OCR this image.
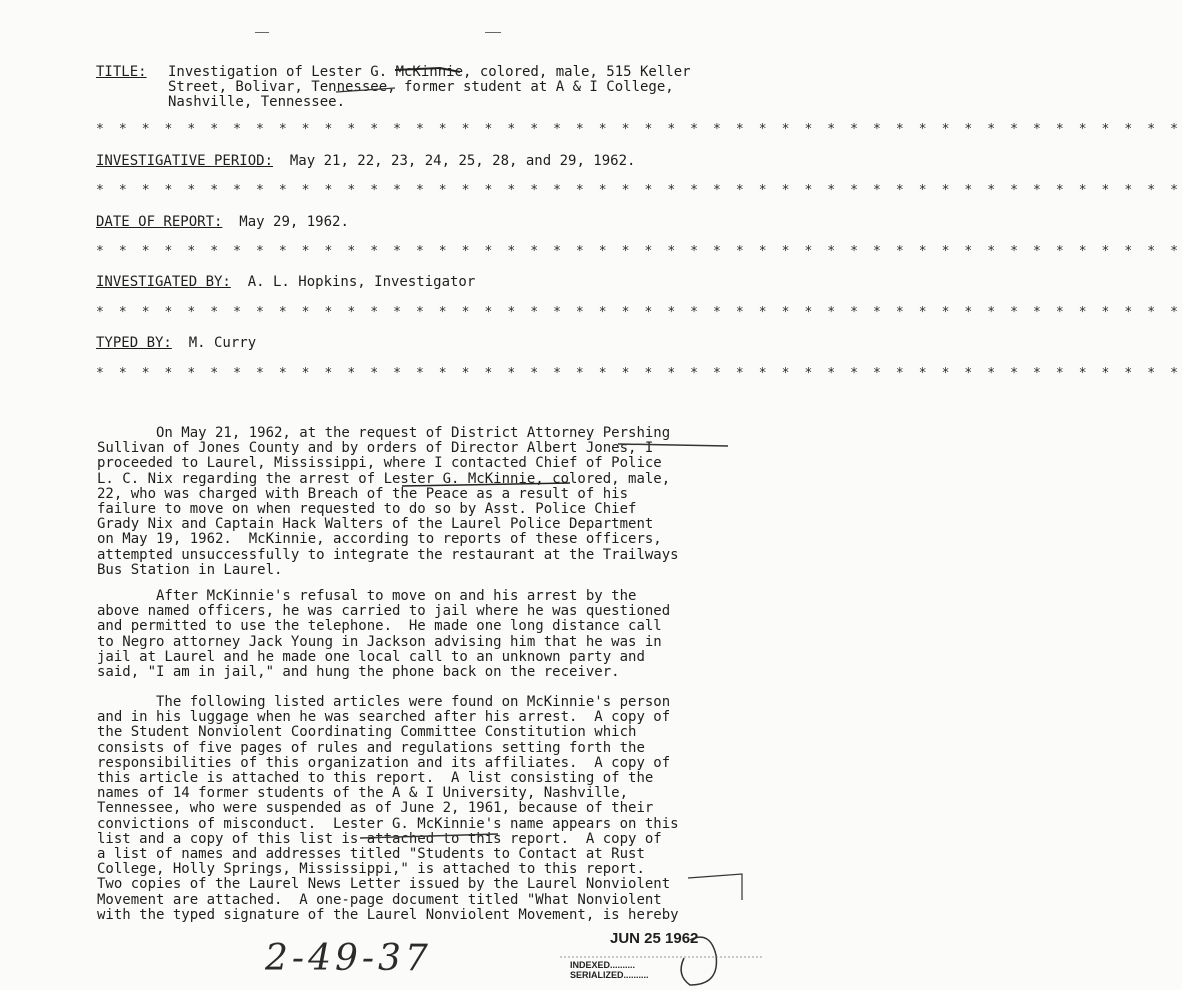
TITLE: Investigation of Lester G. McKinnie, colored, male, 515 Keller
Street, Bolivar, Tennessee, former student at A & I College,
Nashville, Tennessee.
* * * * * * * * * * * * * * * * * * * * * * * * * * * * * * * * * * * * * * * * * * * * * * * *
INVESTIGATIVE PERIOD: May 21, 22, 23, 24, 25, 28, and 29, 1962.
* * * * * * * * * * * * * * * * * * * * * * * * * * * * * * * * * * * * * * * * * * * * * * * *
DATE OF REPORT: May 29, 1962.
* * * * * * * * * * * * * * * * * * * * * * * * * * * * * * * * * * * * * * * * * * * * * * * *
INVESTIGATED BY: A. L. Hopkins, Investigator
* * * * * * * * * * * * * * * * * * * * * * * * * * * * * * * * * * * * * * * * * * * * * * * *
TYPED BY: M. Curry
* * * * * * * * * * * * * * * * * * * * * * * * * * * * * * * * * * * * * * * * * * * * * * * *
On May 21, 1962, at the request of District Attorney Pershing
Sullivan of Jones County and by orders of Director Albert Jones, I
proceeded to Laurel, Mississippi, where I contacted Chief of Police
L. C. Nix regarding the arrest of Lester G. McKinnie, colored, male,
22, who was charged with Breach of the Peace as a result of his
failure to move on when requested to do so by Asst. Police Chief
Grady Nix and Captain Hack Walters of the Laurel Police Department
on May 19, 1962.  McKinnie, according to reports of these officers,
attempted unsuccessfully to integrate the restaurant at the Trailways
Bus Station in Laurel.
After McKinnie's refusal to move on and his arrest by the
above named officers, he was carried to jail where he was questioned
and permitted to use the telephone.  He made one long distance call
to Negro attorney Jack Young in Jackson advising him that he was in
jail at Laurel and he made one local call to an unknown party and
said, "I am in jail," and hung the phone back on the receiver.
The following listed articles were found on McKinnie's person
and in his luggage when he was searched after his arrest.  A copy of
the Student Nonviolent Coordinating Committee Constitution which
consists of five pages of rules and regulations setting forth the
responsibilities of this organization and its affiliates.  A copy of
this article is attached to this report.  A list consisting of the
names of 14 former students of the A & I University, Nashville,
Tennessee, who were suspended as of June 2, 1961, because of their
convictions of misconduct.  Lester G. McKinnie's name appears on this
list and a copy of this list is attached to this report.  A copy of
a list of names and addresses titled "Students to Contact at Rust
College, Holly Springs, Mississippi," is attached to this report.
Two copies of the Laurel News Letter issued by the Laurel Nonviolent
Movement are attached.  A one-page document titled "What Nonviolent
with the typed signature of the Laurel Nonviolent Movement, is hereby
2-49-37	JUN 25 1962
INDEXED..........
SERIALIZED..........
